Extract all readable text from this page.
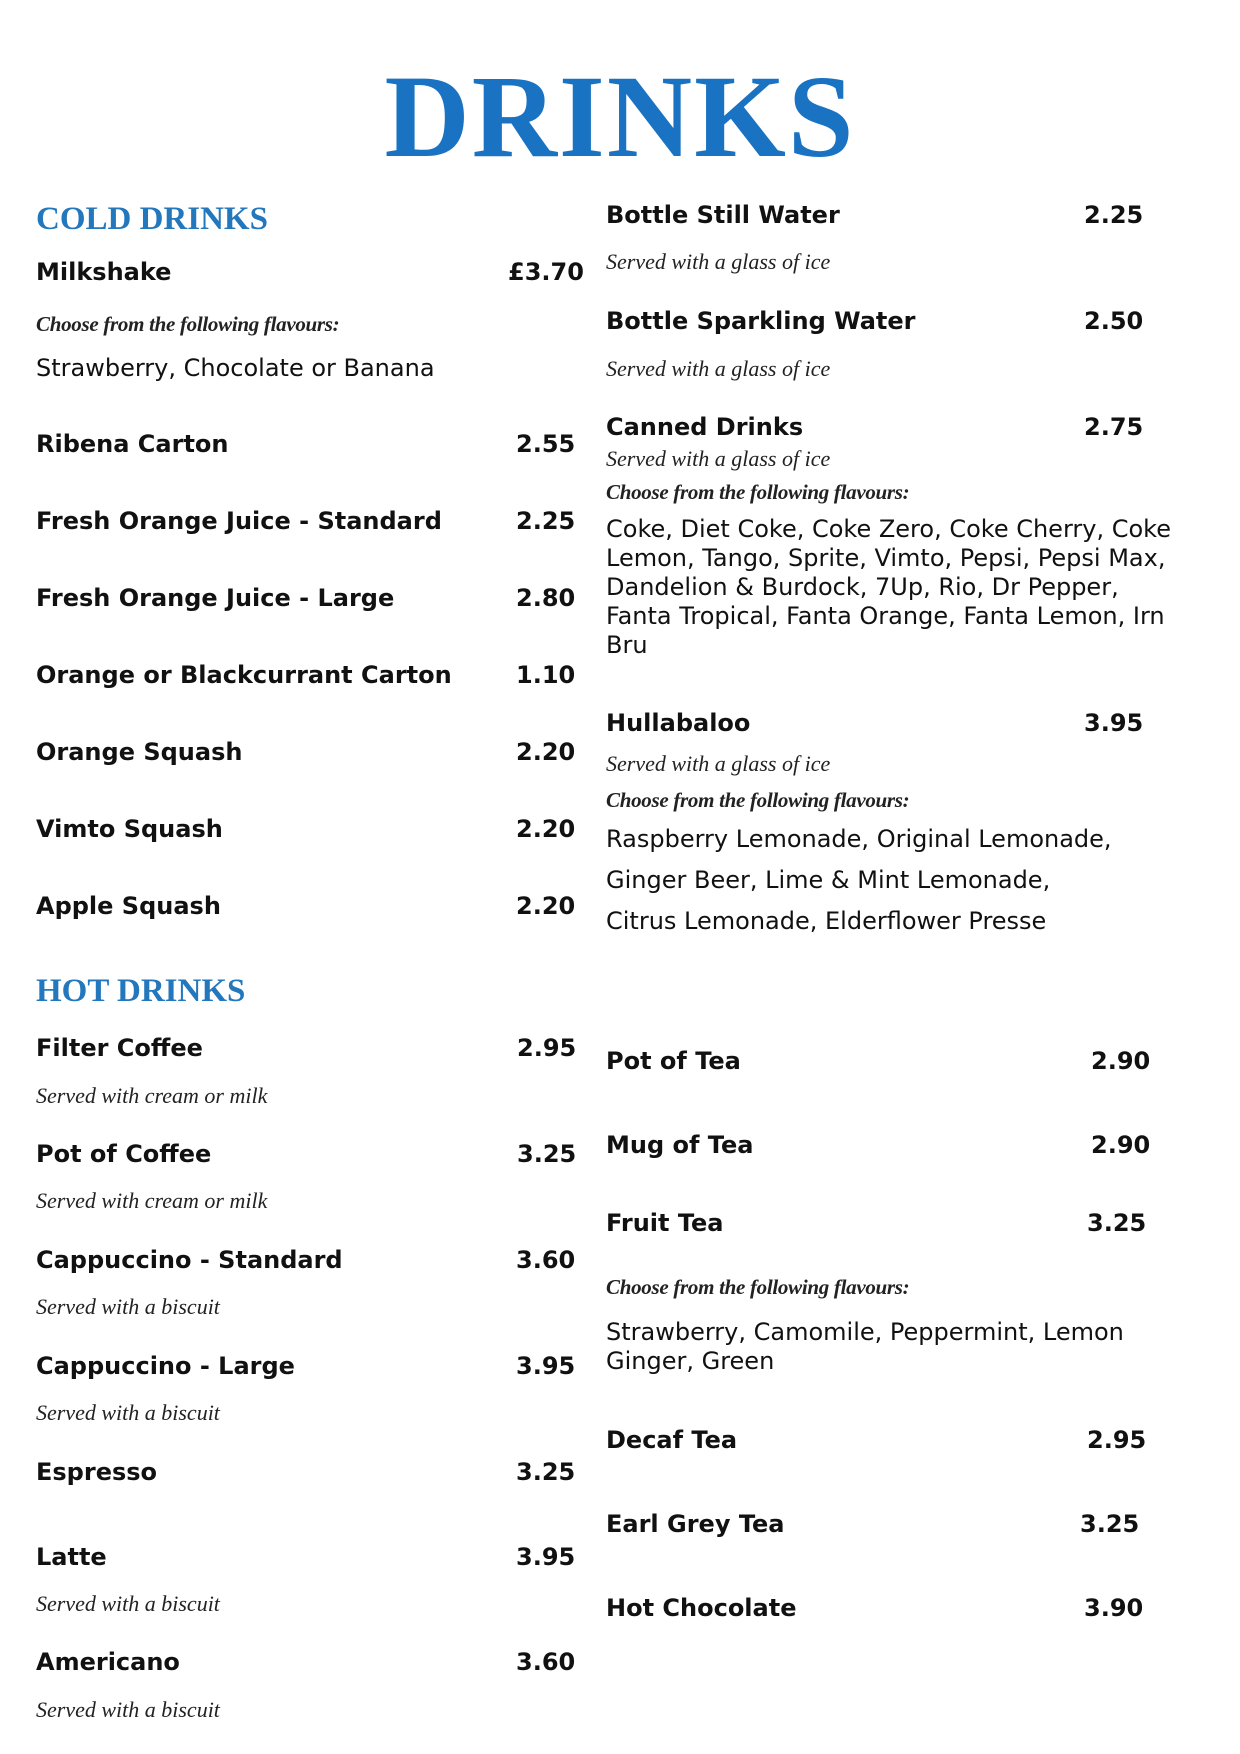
DRINKS
COLD DRINKS
Milkshake	£3.70
Choose from the following flavours:
Strawberry, Chocolate or Banana
Ribena Carton	2.55
Fresh Orange Juice - Standard	2.25
Fresh Orange Juice - Large	2.80
Orange or Blackcurrant Carton	1.10
Orange Squash	2.20
Vimto Squash	2.20
Apple Squash	2.20
Bottle Still Water	2.25
Served with a glass of ice
Bottle Sparkling Water	2.50
Served with a glass of ice
Canned Drinks	2.75
Served with a glass of ice
Choose from the following flavours:
Coke, Diet Coke, Coke Zero, Coke Cherry, Coke Lemon, Tango, Sprite, Vimto, Pepsi, Pepsi Max, Dandelion & Burdock, 7Up, Rio, Dr Pepper, Fanta Tropical, Fanta Orange, Fanta Lemon, Irn Bru
Hullabaloo	3.95
Served with a glass of ice
Choose from the following flavours:
Raspberry Lemonade, Original Lemonade,
Ginger Beer, Lime & Mint Lemonade,
Citrus Lemonade, Elderflower Presse
HOT DRINKS
Filter Coffee	2.95
Served with cream or milk
Pot of Coffee	3.25
Served with cream or milk
Cappuccino - Standard	3.60
Served with a biscuit
Cappuccino - Large	3.95
Served with a biscuit
Espresso	3.25
Latte	3.95
Served with a biscuit
Americano	3.60
Served with a biscuit
Pot of Tea	2.90
Mug of Tea	2.90
Fruit Tea	3.25
Choose from the following flavours:
Strawberry, Camomile, Peppermint, Lemon Ginger, Green
Decaf Tea	2.95
Earl Grey Tea	3.25
Hot Chocolate	3.90
